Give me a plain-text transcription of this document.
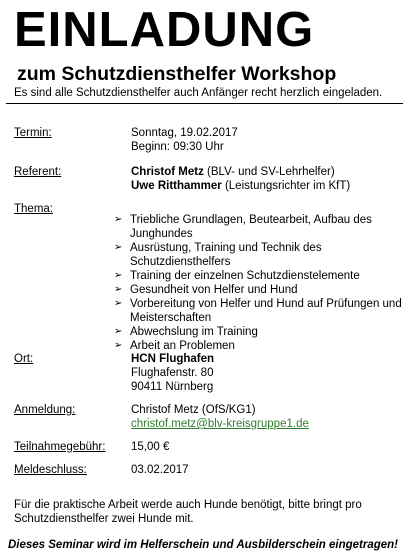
EINLADUNG
zum Schutzdiensthelfer Workshop
Es sind alle Schutzdiensthelfer auch Anfänger recht herzlich eingeladen.
Termin:	Sonntag, 19.02.2017
Beginn: 09:30 Uhr
Referent:	Christof Metz (BLV- und SV-Lehrhelfer)
Uwe Ritthammer (Leistungsrichter im KfT)
Thema:
➢ Triebliche Grundlagen, Beutearbeit, Aufbau des Junghundes
➢ Ausrüstung, Training und Technik des Schutzdiensthelfers
➢ Training der einzelnen Schutzdienstelemente
➢ Gesundheit von Helfer und Hund
➢ Vorbereitung von Helfer und Hund auf Prüfungen und Meisterschaften
➢ Abwechslung im Training
➢ Arbeit an Problemen
Ort:	HCN Flughafen
Flughafenstr. 80
90411 Nürnberg
Anmeldung:	Christof Metz (OfS/KG1)
christof.metz@blv-kreisgruppe1.de
Teilnahmegebühr: 15,00 €
Meldeschluss:	03.02.2017
Für die praktische Arbeit werde auch Hunde benötigt, bitte bringt pro Schutzdiensthelfer zwei Hunde mit.
Dieses Seminar wird im Helferschein und Ausbilderschein eingetragen!
